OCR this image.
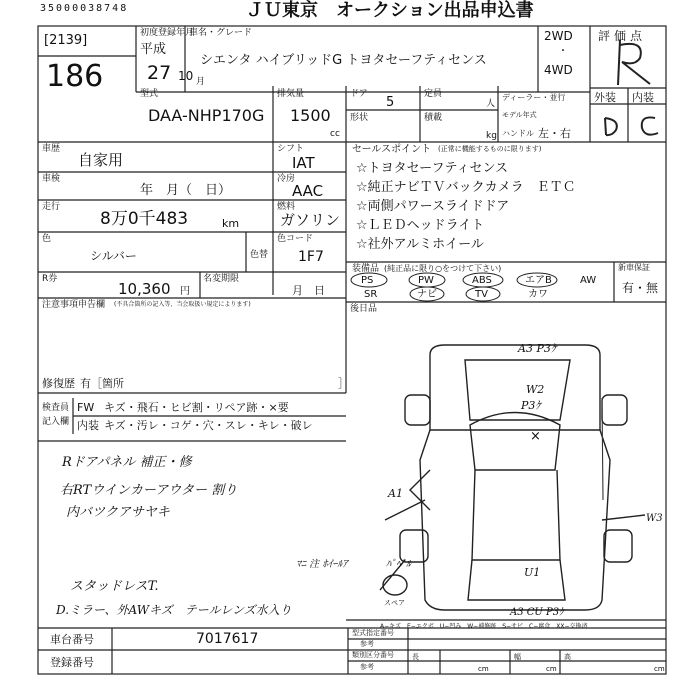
35000038748	ＪＵ東京　オークション出品申込書
[2139]
186
初度登録年月
平成
27 10 月
車名・グレード
シエンタ ハイブリッドG トヨタセーフティセンス
2WD
・
4WD
評価点
外装 内装
型式
DAA-NHP170G
排気量
1500
cc
ドア
5
定員
人
形状	積載
kg
ディーラー・並行
モデル年式
ハンドル 左・右
車歴
自家用
シフト
IAT
車検
年　月（　日）
冷房
AAC
走行
8万0千483	km
燃料
ガソリン
色
シルバー	色替
色コード
1F7
R券
10,360 円
名変期限
月　日
セールスポイント (正常に機能するものに限ります)
☆トヨタセーフティセンス
☆純正ナビＴＶバックカメラ　ＥＴＣ
☆両側パワースライドドア
☆ＬＥＤヘッドライト
☆社外アルミホイール
装備品 (純正品に限り○をつけて下さい)
PS	PW	ABS	エアB	AW
SR	ナビ	TV	カワ
新車保証
有・無
注意事項申告欄 (不具合箇所の記入等、当会取扱い規定によります)
修復歴 有［箇所	］
検査員
記入欄
FW キズ・飛石・ヒビ割・リペア跡・×要
内装 キズ・汚レ・コゲ・穴・スレ・キレ・破レ
Rドアパネル 補正・修
右RTウインカーアウター 割り
内バツクアサヤキ
スタッドレスT.
D.ミラー、外AWキズ　テールレンズ水入り
後日品
A3 P3ｹ
W2
P3ｹ
×
A1
W3
U1
スペア
A3 CU P3ｹ
ﾏﾆ 注 ﾎｲｰﾙｱ	ﾊﾟﾍﾞﾙ
A−キズ　E−エクボ　U−凹み　W−補修跡　S−サビ　C−腐食　XX−交換済
車台番号	7017617
登録番号
型式指定番号
参考
類別区分番号
参考
長
cm
幅
cm
高
cm
